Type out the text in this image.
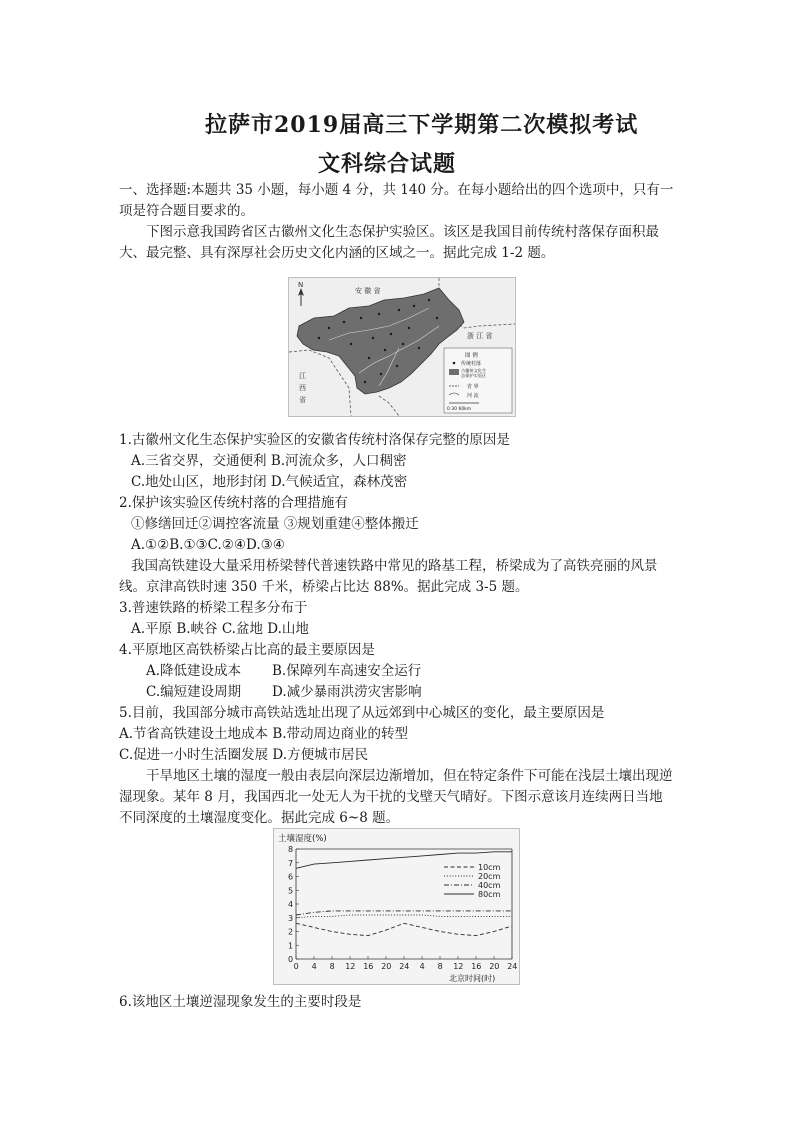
拉萨市2019届高三下学期第二次模拟考试
文科综合试题
一、选择题:本题共 35 小题，每小题 4 分，共 140 分。在每小题给出的四个选项中，只有一
项是符合题目要求的。
下图示意我国跨省区古徽州文化生态保护实验区。该区是我国目前传统村落保存面积最大、最完整、具有深厚社会历史文化内涵的区域之一。据此完成 1-2 题。
N
安 徽 省
浙 江 省
江
西
省
图 例
传统村落
古徽州文化生
态保护实验区
省 界
河 流
0 30 60km
1.古徽州文化生态保护实验区的安徽省传统村洛保存完整的原因是
A.三省交界，交通便利 B.河流众多，人口稠密
C.地处山区，地形封闭 D.气候适宜，森林茂密
2.保护该实验区传统村落的合理措施有
①修缮回迁②调控客流量 ③规划重建④整体搬迁
A.①②B.①③C.②④D.③④
我国高铁建设大量采用桥梁替代普速铁路中常见的路基工程，桥梁成为了高铁亮丽的风景
线。京津高铁时速 350 千米，桥梁占比达 88%。据此完成 3-5 题。
3.普速铁路的桥梁工程多分布于
A.平原 B.峡谷 C.盆地 D.山地
4.平原地区高铁桥梁占比高的最主要原因是
A.降低建设成本 B.保障列车高速安全运行
C.编短建设周期 D.减少暴雨洪涝灾害影响
5.目前，我国部分城市高铁站选址出现了从远郊到中心城区的变化，最主要原因是
A.节省高铁建设土地成本 B.带动周边商业的转型
C.促进一小时生活圈发展 D.方便城市居民
干旱地区土壤的湿度一般由表层向深层边渐增加，但在特定条件下可能在浅层土壤出现逆湿现象。某年 8 月，我国西北一处无人为干扰的戈壁天气晴好。下图示意该月连续两日当地不同深度的土壤湿度变化。据此完成 6~8 题。
土壤湿度(%)
0
1
2
3
4
5
6
7
8
0 4 8 12 16 20 24 4 8 12 16 20 24
10cm
20cm
40cm
80cm
北京时间(时)
6.该地区土壤逆湿现象发生的主要时段是
